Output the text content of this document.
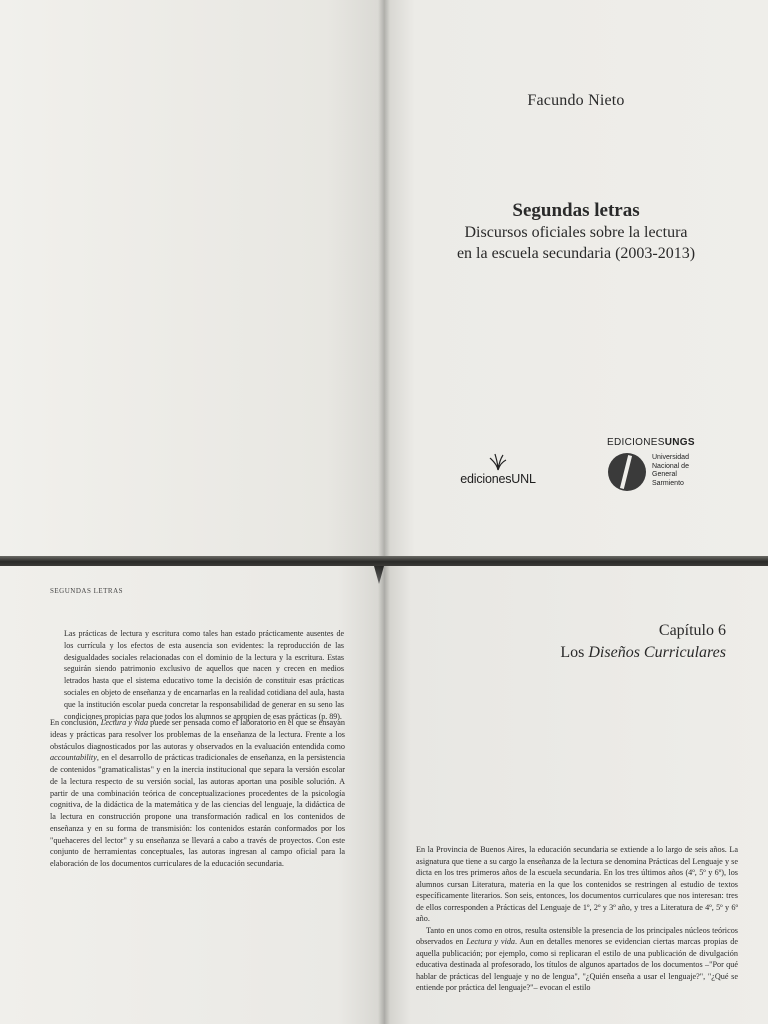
Facundo Nieto
Segundas letras
Discursos oficiales sobre la lectura
en la escuela secundaria (2003-2013)
edicionesUNL
EDICIONESUNGS
Universidad
Nacional de
General
Sarmiento
SEGUNDAS LETRAS

Las prácticas de lectura y escritura como tales han estado prácticamente ausentes de los currícula y los efectos de esta ausencia son evidentes: la reproducción de las desigualdades sociales relacionadas con el dominio de la lectura y la escritura. Estas seguirán siendo patrimonio exclusivo de aquellos que nacen y crecen en medios letrados hasta que el sistema educativo tome la decisión de constituir esas prácticas sociales en objeto de enseñanza y de encarnarlas en la realidad cotidiana del aula, hasta que la institución escolar pueda concretar la responsabilidad de generar en su seno las condiciones propicias para que todos los alumnos se apropien de esas prácticas (p. 89).

En conclusión, Lectura y vida puede ser pensada como el laboratorio en el que se ensayan ideas y prácticas para resolver los problemas de la enseñanza de la lectura. Frente a los obstáculos diagnosticados por las autoras y observados en la evaluación entendida como accountability, en el desarrollo de prácticas tradicionales de enseñanza, en la persistencia de contenidos "gramaticalistas" y en la inercia institucional que separa la versión escolar de la lectura respecto de su versión social, las autoras aportan una posible solución. A partir de una combinación teórica de conceptualizaciones procedentes de la psicología cognitiva, de la didáctica de la matemática y de las ciencias del lenguaje, la didáctica de la lectura en construcción propone una transformación radical en los contenidos de enseñanza y en su forma de transmisión: los contenidos estarán conformados por los "quehaceres del lector" y su enseñanza se llevará a cabo a través de proyectos. Con este conjunto de herramientas conceptuales, las autoras ingresan al campo oficial para la elaboración de los documentos curriculares de la educación secundaria.

Capítulo 6
Los Diseños Curriculares

En la Provincia de Buenos Aires, la educación secundaria se extiende a lo largo de seis años. La asignatura que tiene a su cargo la enseñanza de la lectura se denomina Prácticas del Lenguaje y se dicta en los tres primeros años de la escuela secundaria. En los tres últimos años (4º, 5º y 6º), los alumnos cursan Literatura, materia en la que los contenidos se restringen al estudio de textos específicamente literarios. Son seis, entonces, los documentos curriculares que nos interesan: tres de ellos corresponden a Prácticas del Lenguaje de 1º, 2º y 3º año, y tres a Literatura de 4º, 5º y 6º año.

Tanto en unos como en otros, resulta ostensible la presencia de los principales núcleos teóricos observados en Lectura y vida. Aun en detalles menores se evidencian ciertas marcas propias de aquella publicación; por ejemplo, como si replicaran el estilo de una publicación de divulgación educativa destinada al profesorado, los títulos de algunos apartados de los documentos –"Por qué hablar de prácticas del lenguaje y no de lengua", "¿Quién enseña a usar el lenguaje?", "¿Qué se entiende por práctica del lenguaje?"– evocan el estilo
